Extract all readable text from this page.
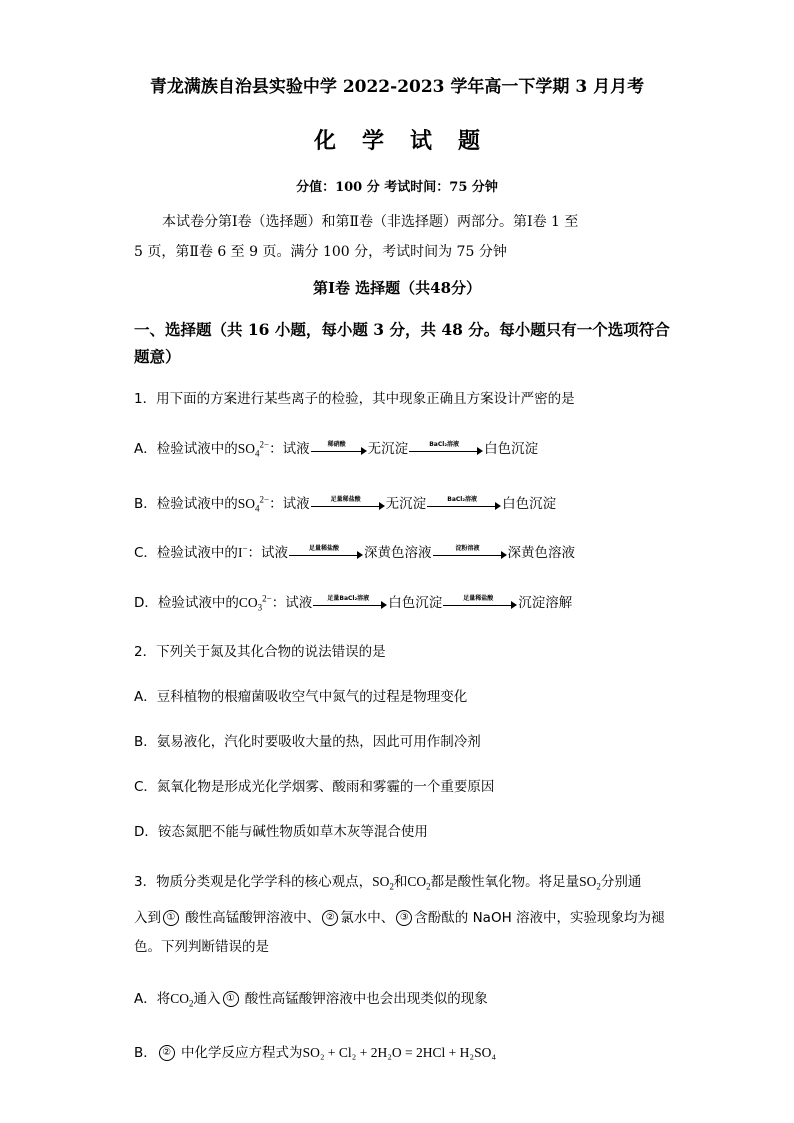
青龙满族自治县实验中学 2022-2023 学年高一下学期 3 月月考
化学试题
分值：100 分 考试时间：75 分钟
本试卷分第Ⅰ卷（选择题）和第Ⅱ卷（非选择题）两部分。第Ⅰ卷 1 至
5 页，第Ⅱ卷 6 至 9 页。满分 100 分，考试时间为 75 分钟
第Ⅰ卷 选择题（共48分）
一、选择题（共 16 小题，每小题 3 分，共 48 分。每小题只有一个选项符合
题意）
1．用下面的方案进行某些离子的检验，其中现象正确且方案设计严密的是
A．检验试液中的$SO_4^{2-}$：试液	稀硝酸	无沉淀	BaCl₂溶液	白色沉淀
B．检验试液中的$SO_4^{2-}$：试液	足量稀盐酸	无沉淀	BaCl₂溶液	白色沉淀
C．检验试液中的I−：试液	足量稀盐酸	深黄色溶液	淀粉溶液	深黄色溶液
D．检验试液中的$CO_3^{2-}$：试液	足量BaCl₂溶液	白色沉淀	足量稀盐酸	沉淀溶解
2．下列关于氮及其化合物的说法错误的是
A．豆科植物的根瘤菌吸收空气中氮气的过程是物理变化
B．氨易液化，汽化时要吸收大量的热，因此可用作制冷剂
C．氮氧化物是形成光化学烟雾、酸雨和雾霾的一个重要原因
D．铵态氮肥不能与碱性物质如草木灰等混合使用
3．物质分类观是化学学科的核心观点，$SO_2$和$CO_2$都是酸性氧化物。将足量$SO_2$分别通
入到 ① 酸性高锰酸钾溶液中、 ② 氯水中、 ③ 含酚酞的 NaOH 溶液中，实验现象均为褪
色。下列判断错误的是
A．将$CO_2$通入 ① 酸性高锰酸钾溶液中也会出现类似的现象
B． ② 中化学反应方程式为SO₂ + Cl₂ + 2H₂O = 2HCl + H₂SO₄
